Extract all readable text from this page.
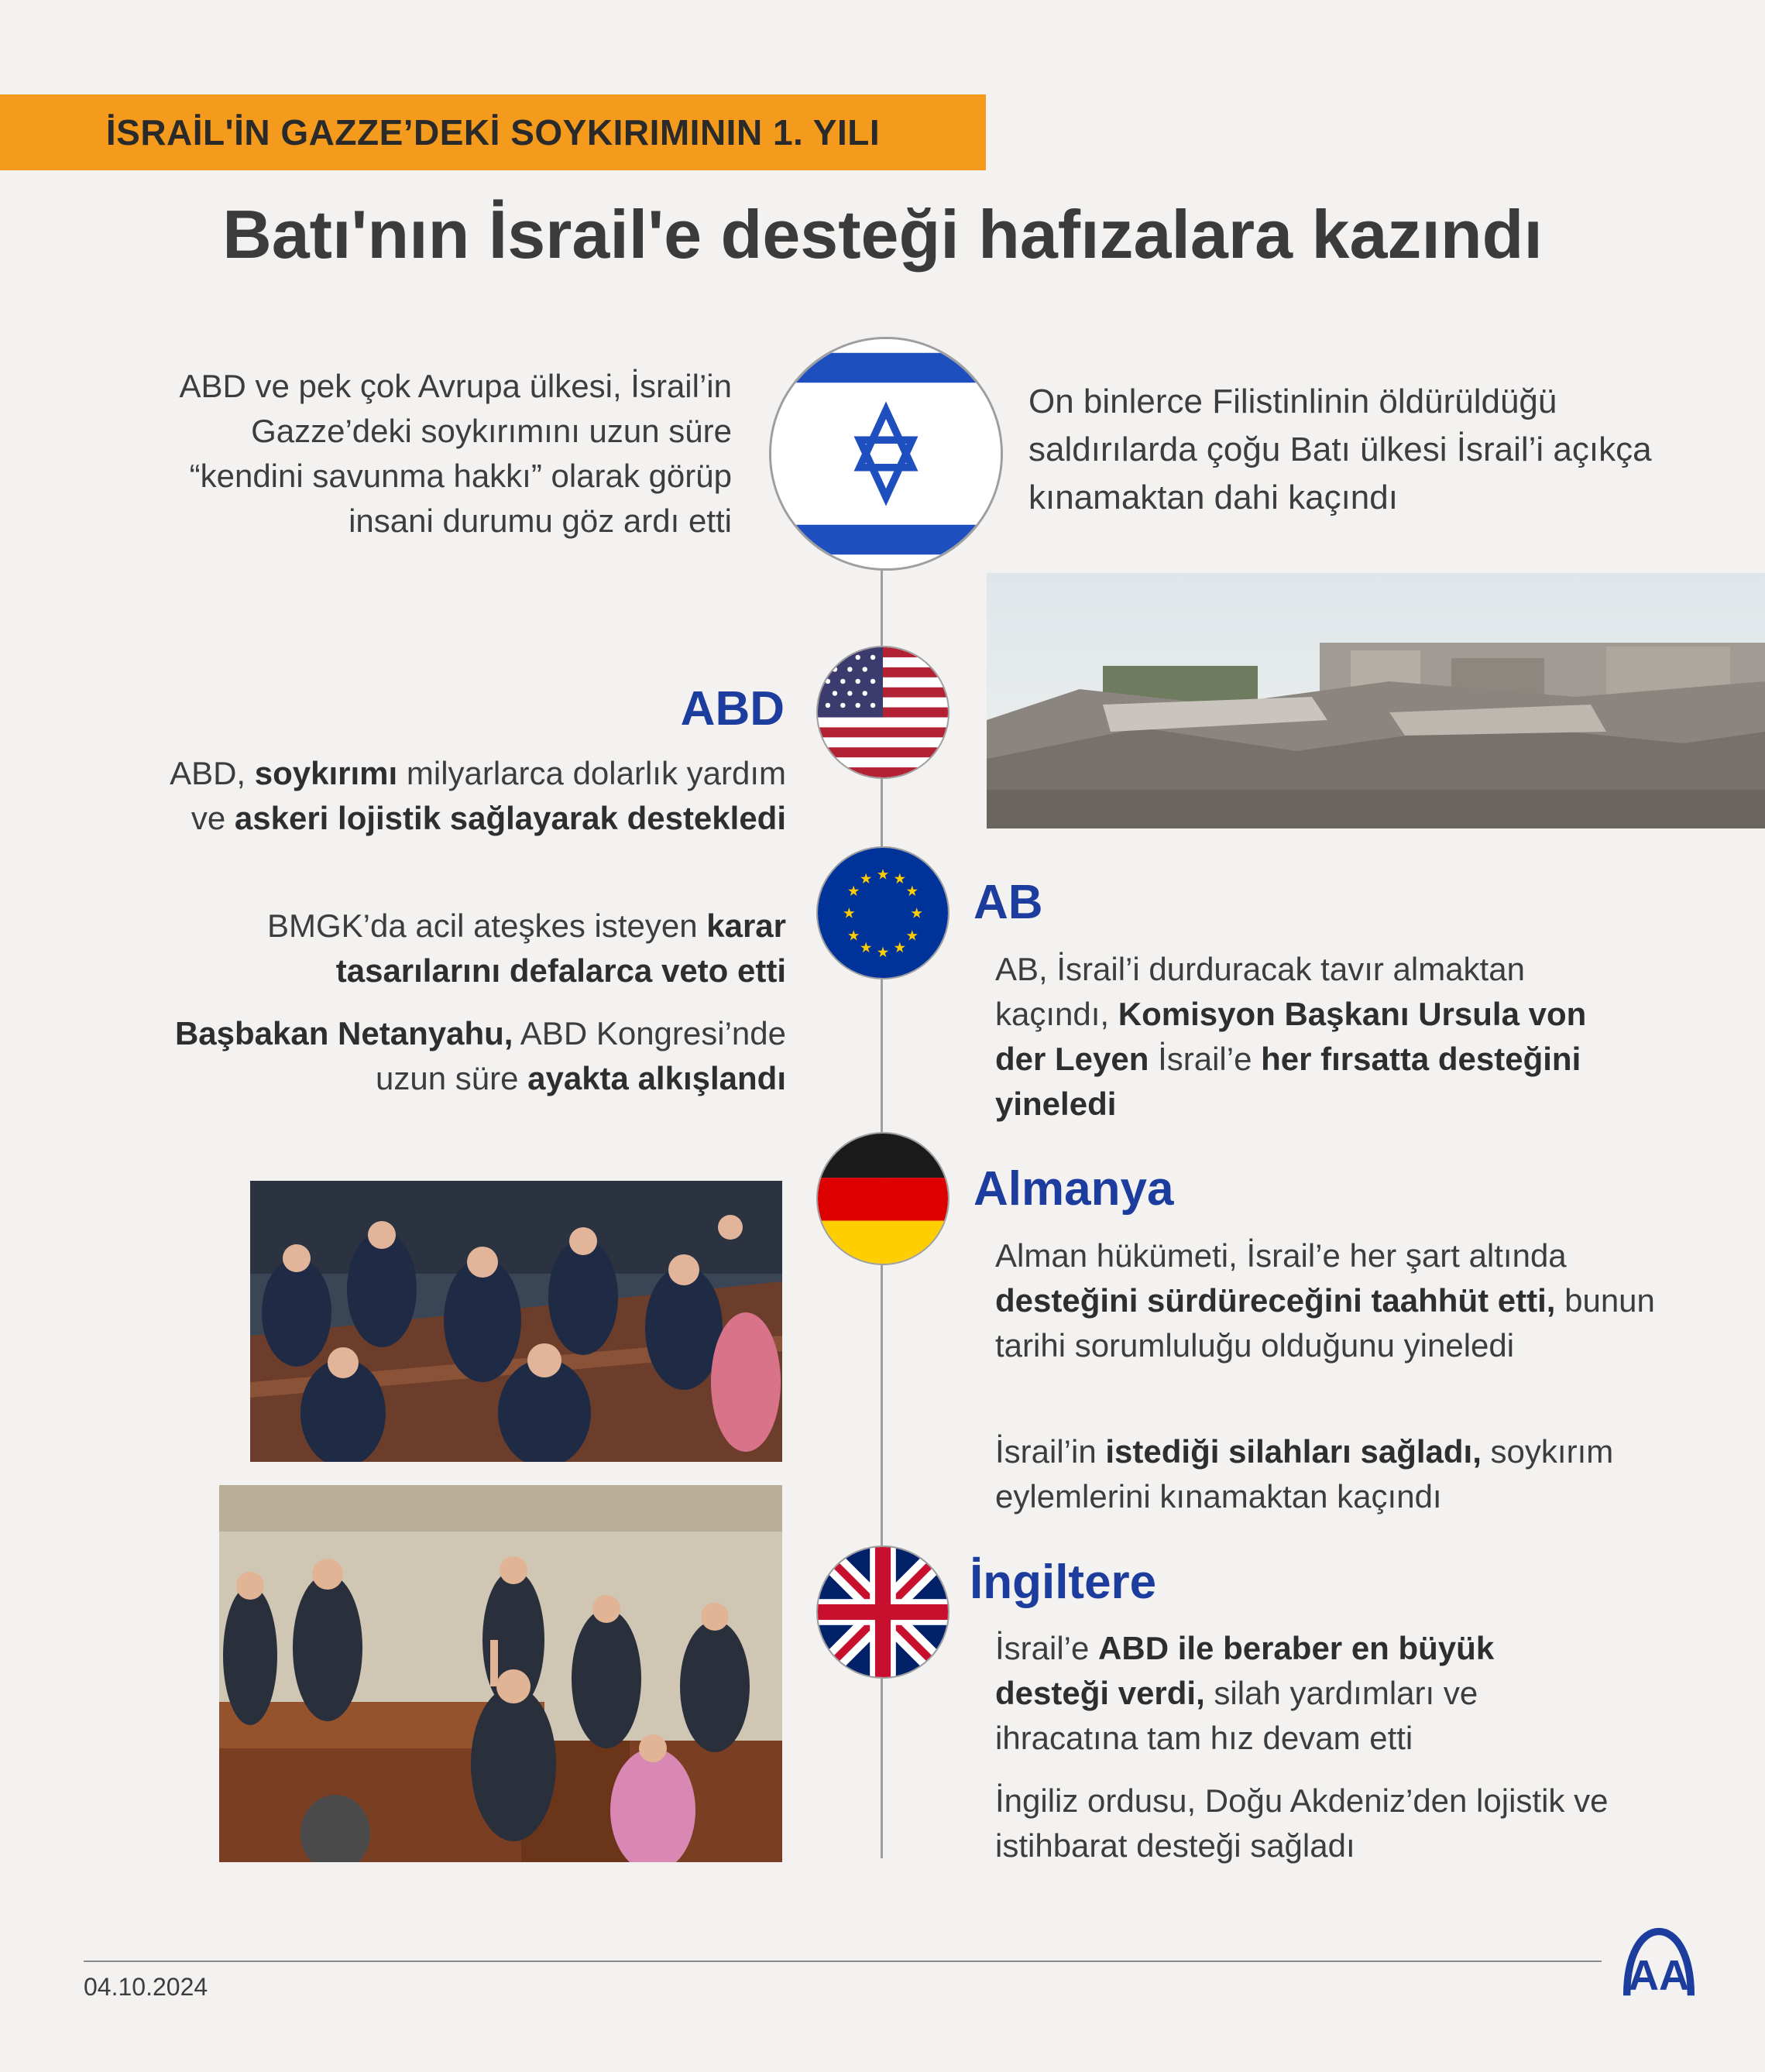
İSRAİL'İN GAZZE’DEKİ SOYKIRIMININ 1. YILI
Batı'nın İsrail'e desteği hafızalara kazındı
ABD ve pek çok Avrupa ülkesi, İsrail’in Gazze’deki soykırımını uzun süre “kendini savunma hakkı” olarak görüp insani durumu göz ardı etti
On binlerce Filistinlinin öldürüldüğü saldırılarda çoğu Batı ülkesi İsrail’i açıkça kınamaktan dahi kaçındı
ABD
ABD, soykırımı milyarlarca dolarlık yardım ve askeri lojistik sağlayarak destekledi
BMGK’da acil ateşkes isteyen karar tasarılarını defalarca veto etti
Başbakan Netanyahu, ABD Kongresi’nde uzun süre ayakta alkışlandı
★ ★
★
★
★
★
★
★
★
★
★
★ AB
AB, İsrail’i durduracak tavır almaktan kaçındı, Komisyon Başkanı Ursula von der Leyen İsrail’e her fırsatta desteğini yineledi
Almanya
Alman hükümeti, İsrail’e her şart altında desteğini sürdüreceğini taahhüt etti, bunun tarihi sorumluluğu olduğunu yineledi
İsrail’in istediği silahları sağladı, soykırım eylemlerini kınamaktan kaçındı
İngiltere
İsrail’e ABD ile beraber en büyük desteği verdi, silah yardımları ve ihracatına tam hız devam etti
İngiliz ordusu, Doğu Akdeniz’den lojistik ve istihbarat desteği sağladı
04.10.2024	AA
